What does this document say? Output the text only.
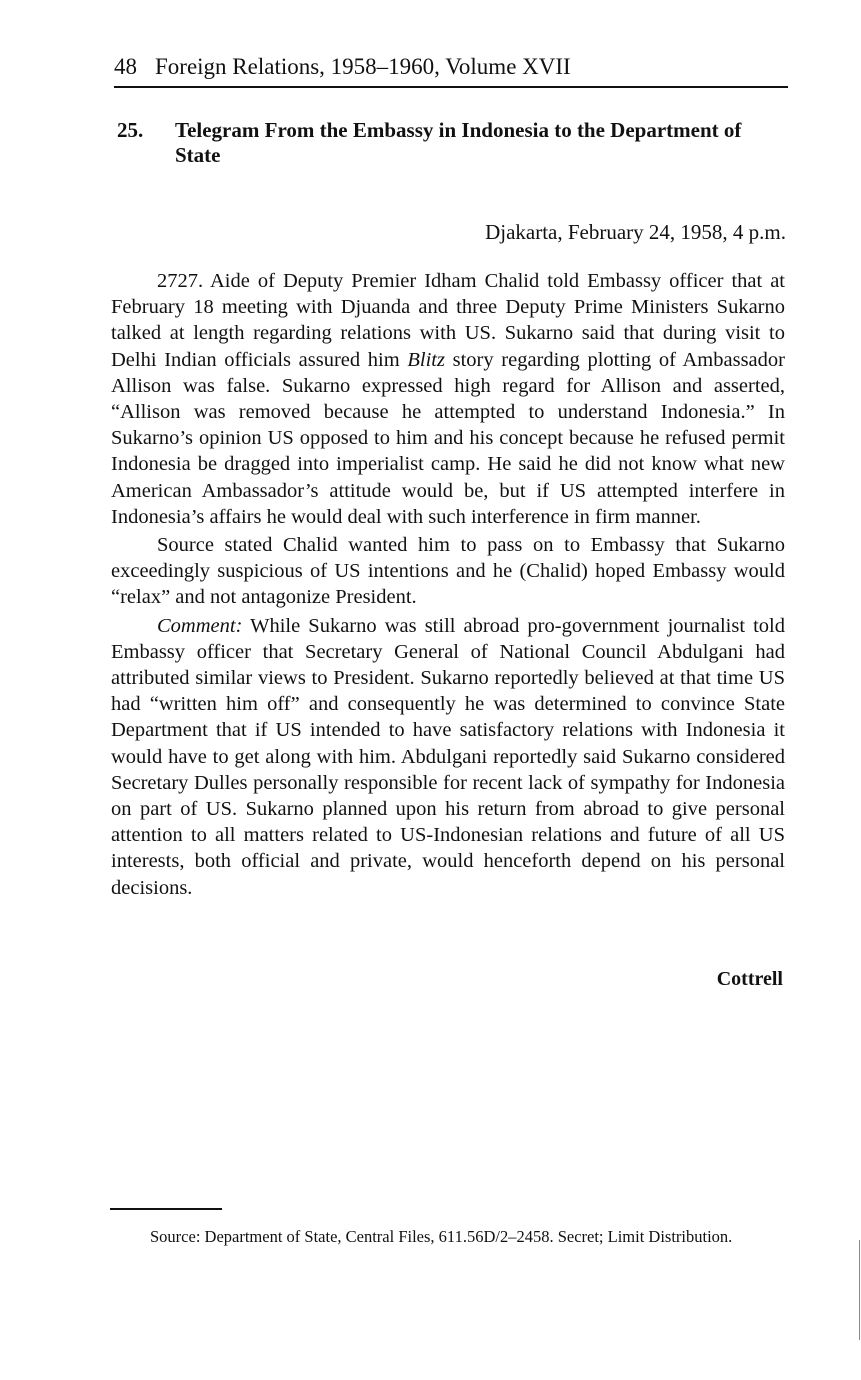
48 Foreign Relations, 1958–1960, Volume XVII
25. Telegram From the Embassy in Indonesia to the Department of State
Djakarta, February 24, 1958, 4 p.m.

2727. Aide of Deputy Premier Idham Chalid told Embassy officer that at February 18 meeting with Djuanda and three Deputy Prime Ministers Sukarno talked at length regarding relations with US. Sukarno said that during visit to Delhi Indian officials assured him Blitz story regarding plotting of Ambassador Allison was false. Sukarno expressed high regard for Allison and asserted, “Allison was removed because he attempted to understand Indonesia.” In Sukarno’s opinion US opposed to him and his concept because he refused permit Indonesia be dragged into imperialist camp. He said he did not know what new American Ambassador’s attitude would be, but if US attempted interfere in Indonesia’s affairs he would deal with such interference in firm manner.

Source stated Chalid wanted him to pass on to Embassy that Sukarno exceedingly suspicious of US intentions and he (Chalid) hoped Embassy would “relax” and not antagonize President.

Comment: While Sukarno was still abroad pro-government journalist told Embassy officer that Secretary General of National Council Abdulgani had attributed similar views to President. Sukarno reportedly believed at that time US had “written him off” and consequently he was determined to convince State Department that if US intended to have satisfactory relations with Indonesia it would have to get along with him. Abdulgani reportedly said Sukarno considered Secretary Dulles personally responsible for recent lack of sympathy for Indonesia on part of US. Sukarno planned upon his return from abroad to give personal attention to all matters related to US-Indonesian relations and future of all US interests, both official and private, would henceforth depend on his personal decisions.

Cottrell
Source: Department of State, Central Files, 611.56D/2–2458. Secret; Limit Distribution.
